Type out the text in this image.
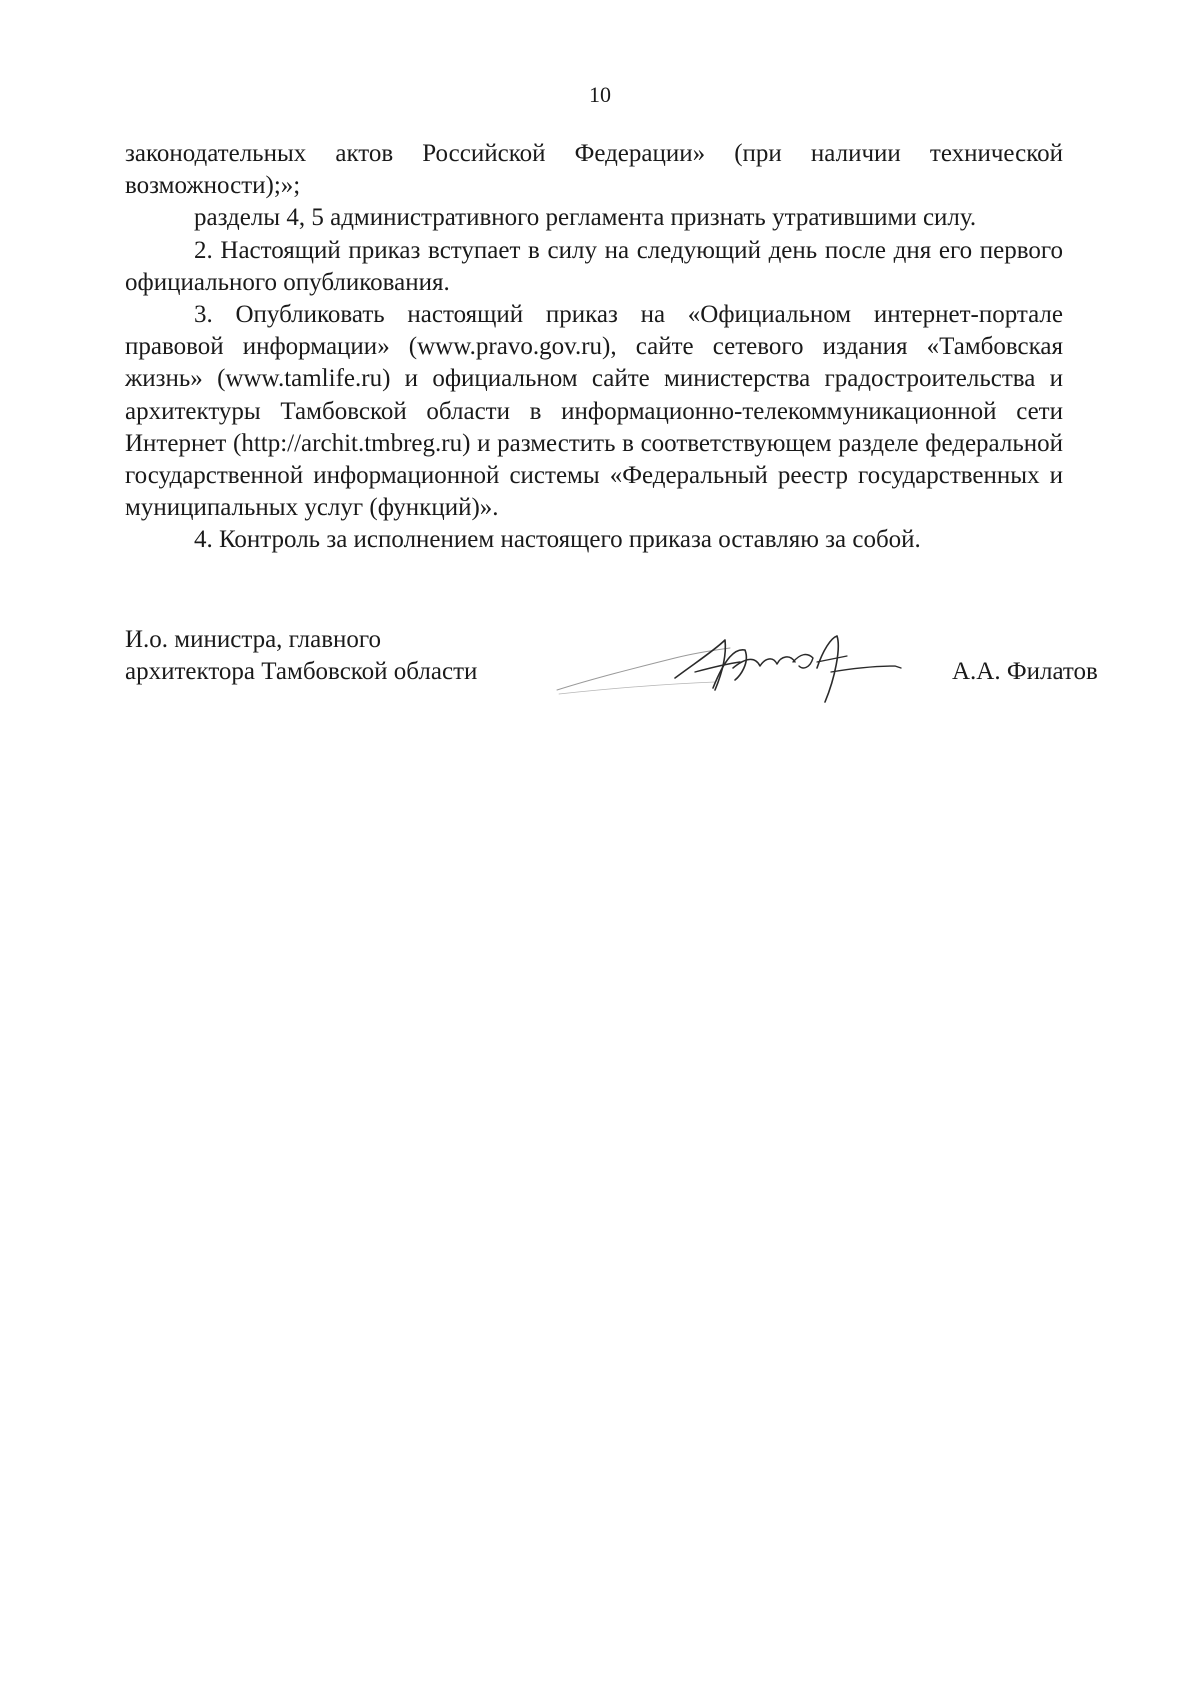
10

законодательных актов Российской Федерации» (при наличии технической возможности);»;

разделы 4, 5 административного регламента признать утратившими силу.

2. Настоящий приказ вступает в силу на следующий день после дня его первого официального опубликования.

3. Опубликовать настоящий приказ на «Официальном интернет-портале правовой информации» (www.pravo.gov.ru), сайте сетевого издания «Тамбовская жизнь» (www.tamlife.ru) и официальном сайте министерства градостроительства и архитектуры Тамбовской области в информационно-телекоммуникационной сети Интернет (http://archit.tmbreg.ru) и разместить в соответствующем разделе федеральной государственной информационной системы «Федеральный реестр государственных и муниципальных услуг (функций)».

4. Контроль за исполнением настоящего приказа оставляю за собой.

И.о. министра, главного
архитектора Тамбовской области	А.А. Филатов
